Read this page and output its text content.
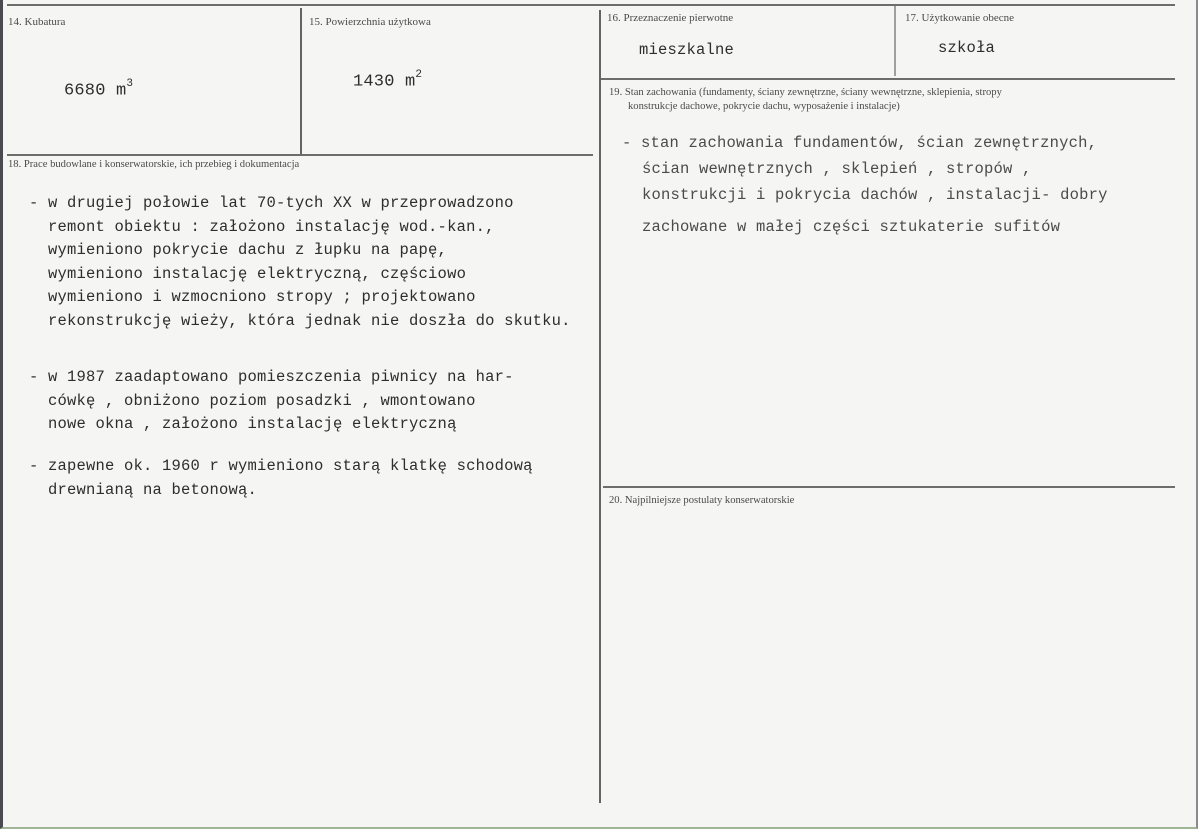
14. Kubatura
6680 $m^3$
15. Powierzchnia użytkowa
1430 $m^2$
16. Przeznaczenie pierwotne
mieszkalne
17. Użytkowanie obecne
szkoła
19. Stan zachowania (fundamenty, ściany zewnętrzne, ściany wewnętrzne, sklepienia, stropy
konstrukcje dachowe, pokrycie dachu, wyposażenie i instalacje)
- stan zachowania fundamentów, ścian zewnętrznych,
ścian wewnętrznych , sklepień , stropów ,
konstrukcji i pokrycia dachów , instalacji- dobry
zachowane w małej części sztukaterie sufitów
18. Prace budowlane i konserwatorskie, ich przebieg i dokumentacja
- w drugiej połowie lat 70-tych XX w przeprowadzono
remont obiektu : założono instalację wod.-kan.,
wymieniono pokrycie dachu z łupku na papę,
wymieniono instalację elektryczną, częściowo
wymieniono i wzmocniono stropy ; projektowano
rekonstrukcję wieży, która jednak nie doszła do skutku.
- w 1987 zaadaptowano pomieszczenia piwnicy na har-
cówkę , obniżono poziom posadzki , wmontowano
nowe okna , założono instalację elektryczną
- zapewne ok. 1960 r wymieniono starą klatkę schodową
drewnianą na betonową.
20. Najpilniejsze postulaty konserwatorskie
